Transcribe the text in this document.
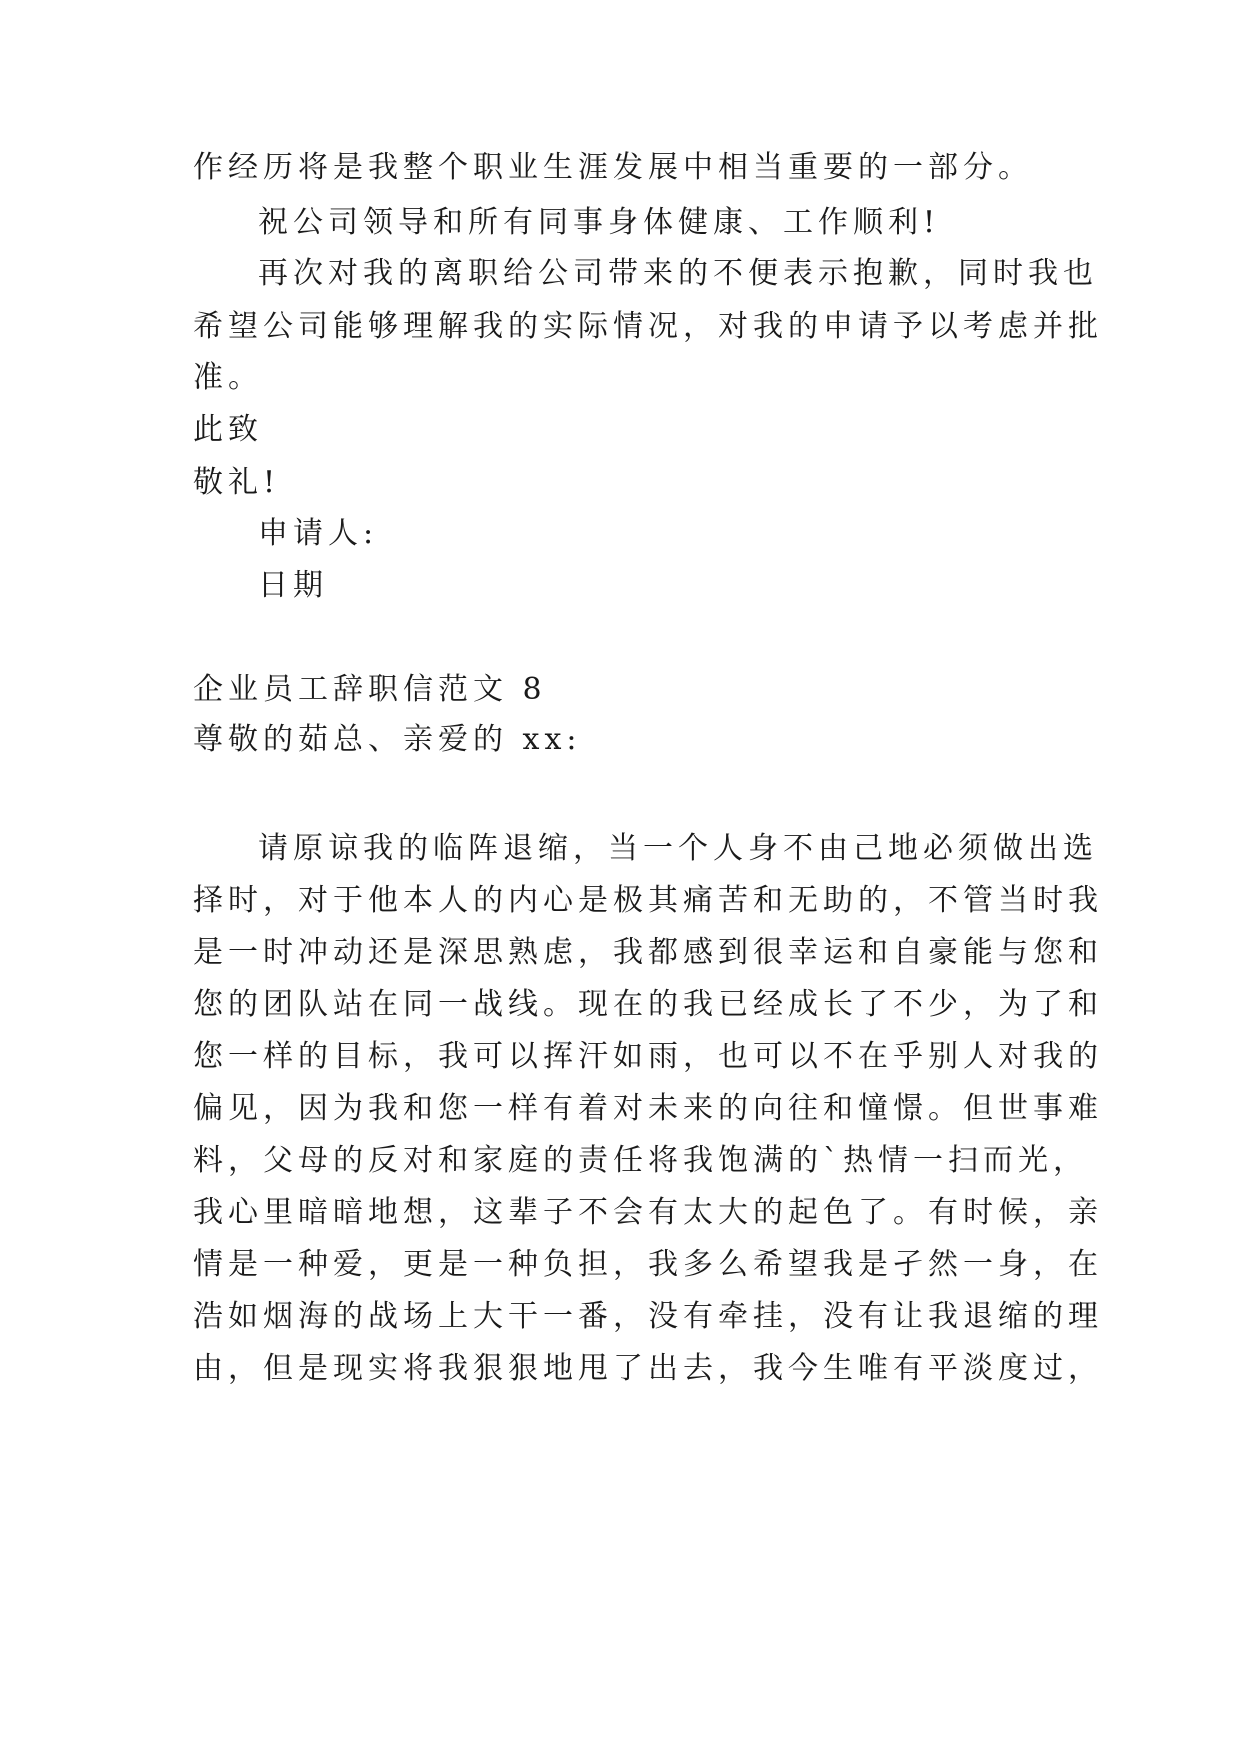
作经历将是我整个职业生涯发展中相当重要的一部分。
祝公司领导和所有同事身体健康、工作顺利!
再次对我的离职给公司带来的不便表示抱歉，同时我也
希望公司能够理解我的实际情况，对我的申请予以考虑并批
准。
此致
敬礼!
申请人:
日期
企业员工辞职信范文 8
尊敬的茹总、亲爱的 xx:
请原谅我的临阵退缩，当一个人身不由己地必须做出选
择时，对于他本人的内心是极其痛苦和无助的，不管当时我
是一时冲动还是深思熟虑，我都感到很幸运和自豪能与您和
您的团队站在同一战线。现在的我已经成长了不少，为了和
您一样的目标，我可以挥汗如雨，也可以不在乎别人对我的
偏见，因为我和您一样有着对未来的向往和憧憬。但世事难
料，父母的反对和家庭的责任将我饱满的`热情一扫而光，
我心里暗暗地想，这辈子不会有太大的起色了。有时候，亲
情是一种爱，更是一种负担，我多么希望我是孑然一身，在
浩如烟海的战场上大干一番，没有牵挂，没有让我退缩的理
由，但是现实将我狠狠地甩了出去，我今生唯有平淡度过，
